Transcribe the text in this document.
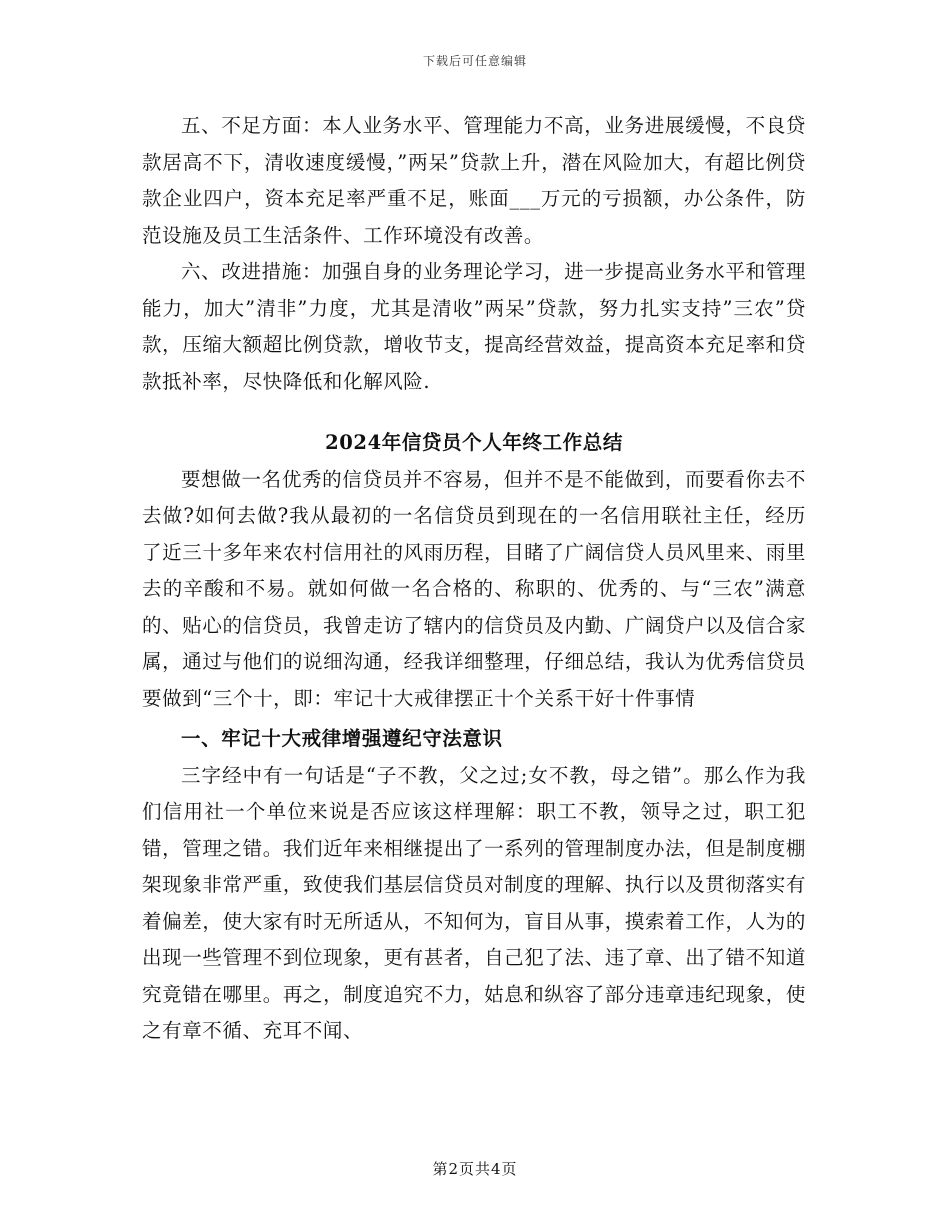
下载后可任意编辑

五、不足方面：本人业务水平、管理能力不高，业务进展缓慢，不良贷款居高不下，清收速度缓慢，”两呆”贷款上升，潜在风险加大，有超比例贷款企业四户，资本充足率严重不足，账面___万元的亏损额，办公条件，防范设施及员工生活条件、工作环境没有改善。

六、改进措施：加强自身的业务理论学习，进一步提高业务水平和管理能力，加大”清非”力度，尤其是清收”两呆”贷款，努力扎实支持”三农”贷款，压缩大额超比例贷款，增收节支，提高经营效益，提高资本充足率和贷款抵补率，尽快降低和化解风险.

2024年信贷员个人年终工作总结

要想做一名优秀的信贷员并不容易，但并不是不能做到，而要看你去不去做?如何去做?我从最初的一名信贷员到现在的一名信用联社主任，经历了近三十多年来农村信用社的风雨历程，目睹了广阔信贷人员风里来、雨里去的辛酸和不易。就如何做一名合格的、称职的、优秀的、与“三农”满意的、贴心的信贷员，我曾走访了辖内的信贷员及内勤、广阔贷户以及信合家属，通过与他们的说细沟通，经我详细整理，仔细总结，我认为优秀信贷员要做到“三个十，即：牢记十大戒律摆正十个关系干好十件事情

一、牢记十大戒律增强遵纪守法意识

三字经中有一句话是“子不教，父之过;女不教，母之错”。那么作为我们信用社一个单位来说是否应该这样理解：职工不教，领导之过，职工犯错，管理之错。我们近年来相继提出了一系列的管理制度办法，但是制度棚架现象非常严重，致使我们基层信贷员对制度的理解、执行以及贯彻落实有着偏差，使大家有时无所适从，不知何为，盲目从事，摸索着工作，人为的出现一些管理不到位现象，更有甚者，自己犯了法、违了章、出了错不知道究竟错在哪里。再之，制度追究不力，姑息和纵容了部分违章违纪现象，使之有章不循、充耳不闻、

第2页共4页
